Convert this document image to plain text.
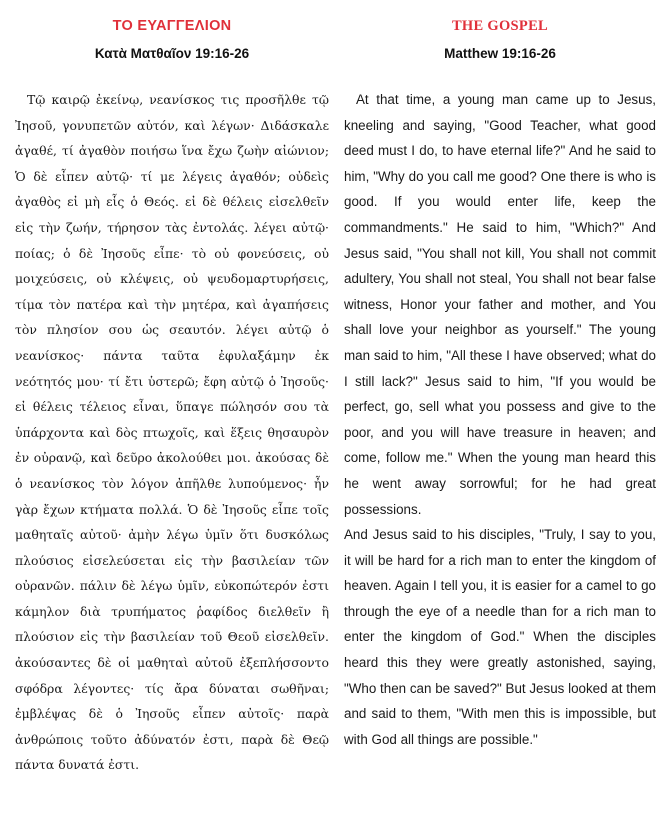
ΤΟ ΕΥΑΓΓΕΛΙΟΝ
Κατὰ Ματθαῖον 19:16-26

Τῷ καιρῷ ἐκείνῳ, νεανίσκος τις προσῆλθε τῷ Ἰησοῦ, γονυπετῶν αὐτόν, καὶ λέγων· Διδάσκαλε ἀγαθέ, τί ἀγαθὸν ποιήσω ἵνα ἔχω ζωὴν αἰώνιον; Ὁ δὲ εἶπεν αὐτῷ· τί με λέγεις ἀγαθόν; οὐδεὶς ἀγαθὸς εἰ μὴ εἷς ὁ Θεός. εἰ δὲ θέλεις εἰσελθεῖν εἰς τὴν ζωήν, τήρησον τὰς ἐντολάς. λέγει αὐτῷ· ποίας; ὁ δὲ Ἰησοῦς εἶπε· τὸ οὐ φονεύσεις, οὐ μοιχεύσεις, οὐ κλέψεις, οὐ ψευδομαρτυρήσεις, τίμα τὸν πατέρα καὶ τὴν μητέρα, καὶ ἀγαπήσεις τὸν πλησίον σου ὡς σεαυτόν. λέγει αὐτῷ ὁ νεανίσκος· πάντα ταῦτα ἐφυλαξάμην ἐκ νεότητός μου· τί ἔτι ὑστερῶ; ἔφη αὐτῷ ὁ Ἰησοῦς· εἰ θέλεις τέλειος εἶναι, ὕπαγε πώλησόν σου τὰ ὑπάρχοντα καὶ δὸς πτωχοῖς, καὶ ἕξεις θησαυρὸν ἐν οὐρανῷ, καὶ δεῦρο ἀκολούθει μοι. ἀκούσας δὲ ὁ νεανίσκος τὸν λόγον ἀπῆλθε λυπούμενος· ἦν γὰρ ἔχων κτήματα πολλά. Ὁ δὲ Ἰησοῦς εἶπε τοῖς μαθηταῖς αὐτοῦ· ἀμὴν λέγω ὑμῖν ὅτι δυσκόλως πλούσιος εἰσελεύσεται εἰς τὴν βασιλείαν τῶν οὐρανῶν. πάλιν δὲ λέγω ὑμῖν, εὐκοπώτερόν ἐστι κάμηλον διὰ τρυπήματος ῥαφίδος διελθεῖν ἢ πλούσιον εἰς τὴν βασιλείαν τοῦ Θεοῦ εἰσελθεῖν. ἀκούσαντες δὲ οἱ μαθηταὶ αὐτοῦ ἐξεπλήσσοντο σφόδρα λέγοντες· τίς ἄρα δύναται σωθῆναι; ἐμβλέψας δὲ ὁ Ἰησοῦς εἶπεν αὐτοῖς· παρὰ ἀνθρώποις τοῦτο ἀδύνατόν ἐστι, παρὰ δὲ Θεῷ πάντα δυνατά ἐστι.

THE GOSPEL
Matthew 19:16-26

At that time, a young man came up to Jesus, kneeling and saying, "Good Teacher, what good deed must I do, to have eternal life?" And he said to him, "Why do you call me good? One there is who is good. If you would enter life, keep the commandments." He said to him, "Which?" And Jesus said, "You shall not kill, You shall not commit adultery, You shall not steal, You shall not bear false witness, Honor your father and mother, and You shall love your neighbor as yourself." The young man said to him, "All these I have observed; what do I still lack?" Jesus said to him, "If you would be perfect, go, sell what you possess and give to the poor, and you will have treasure in heaven; and come, follow me." When the young man heard this he went away sorrowful; for he had great possessions.

And Jesus said to his disciples, "Truly, I say to you, it will be hard for a rich man to enter the kingdom of heaven. Again I tell you, it is easier for a camel to go through the eye of a needle than for a rich man to enter the kingdom of God." When the disciples heard this they were greatly astonished, saying, "Who then can be saved?" But Jesus looked at them and said to them, "With men this is impossible, but with God all things are possible."
